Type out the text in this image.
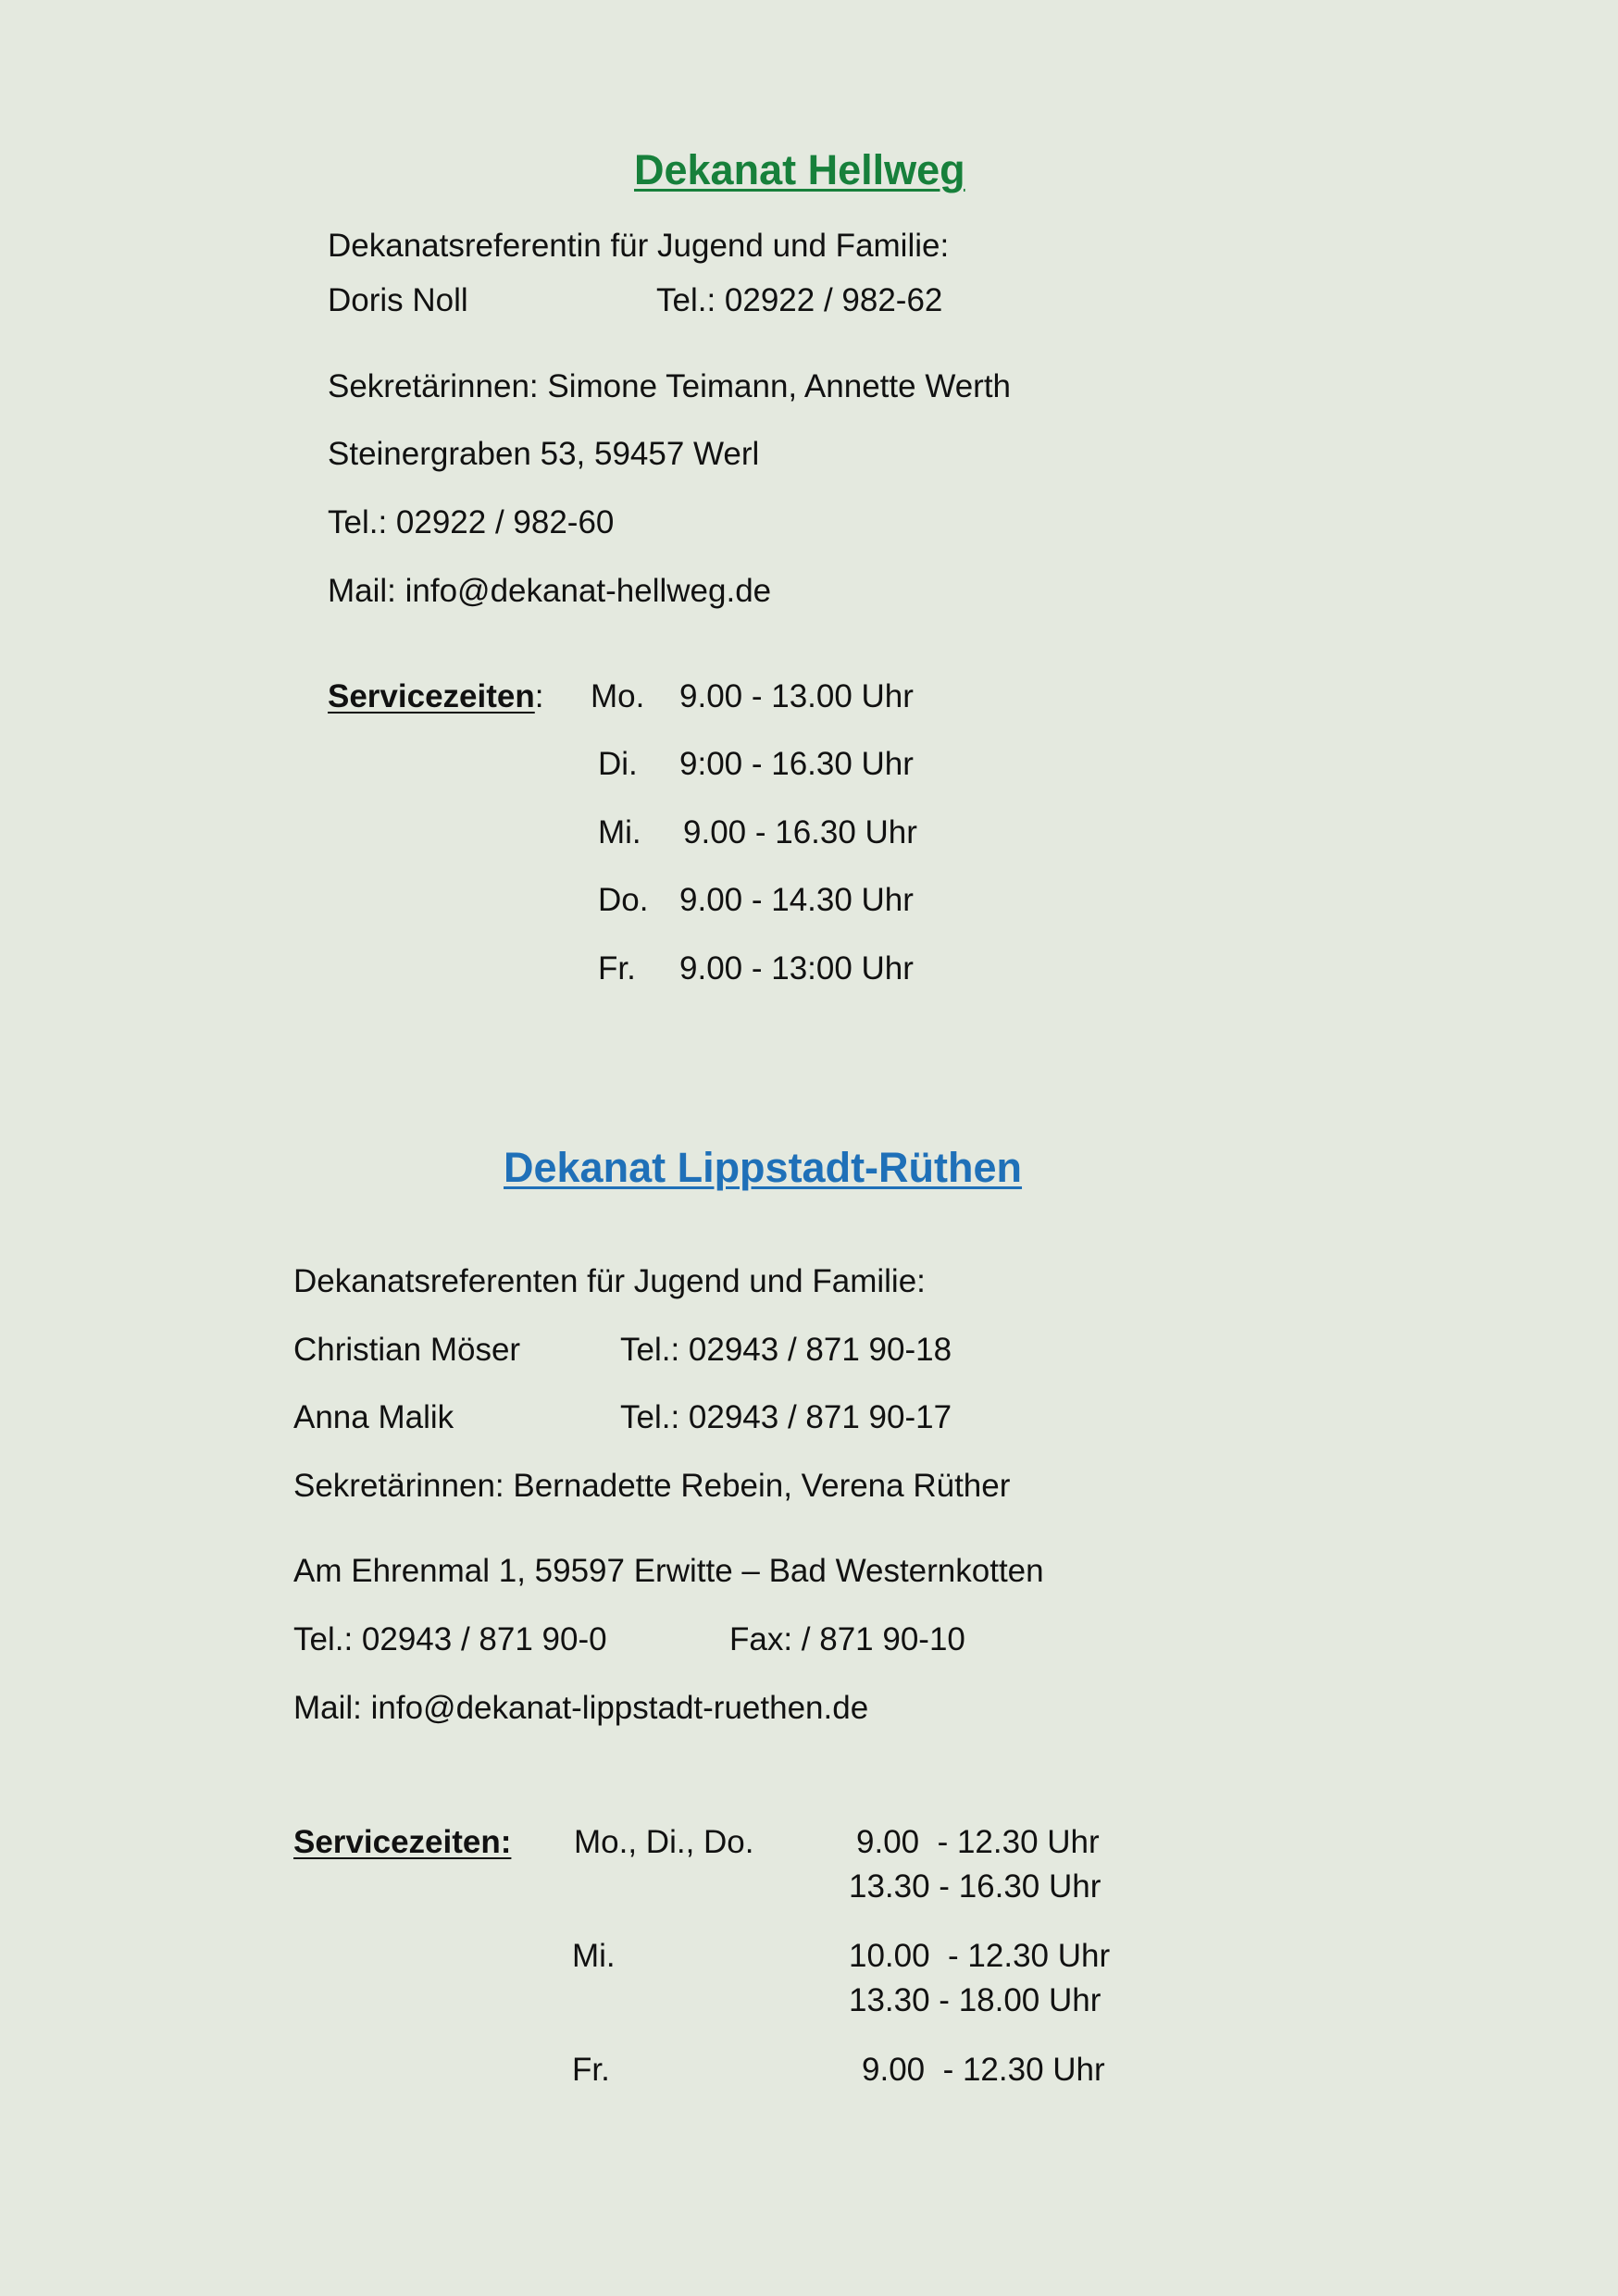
Dekanat Hellweg
Dekanatsreferentin für Jugend und Familie:
Doris Noll	Tel.: 02922 / 982-62
Sekretärinnen: Simone Teimann, Annette Werth
Steinergraben 53, 59457 Werl
Tel.: 02922 / 982-60
Mail: info@dekanat-hellweg.de
Servicezeiten: Mo. 9.00 - 13.00 Uhr
Di. 9:00 - 16.30 Uhr
Mi. 9.00 - 16.30 Uhr
Do. 9.00 - 14.30 Uhr
Fr. 9.00 - 13:00 Uhr
Dekanat Lippstadt-Rüthen
Dekanatsreferenten für Jugend und Familie:
Christian Möser	Tel.: 02943 / 871 90-18
Anna Malik	Tel.: 02943 / 871 90-17
Sekretärinnen: Bernadette Rebein, Verena Rüther
Am Ehrenmal 1, 59597 Erwitte – Bad Westernkotten
Tel.: 02943 / 871 90-0	Fax: / 871 90-10
Mail: info@dekanat-lippstadt-ruethen.de
Servicezeiten: Mo., Di., Do.	9.00  - 12.30 Uhr
13.30 - 16.30 Uhr
Mi.	10.00  - 12.30 Uhr
13.30 - 18.00 Uhr
Fr.	9.00  - 12.30 Uhr
